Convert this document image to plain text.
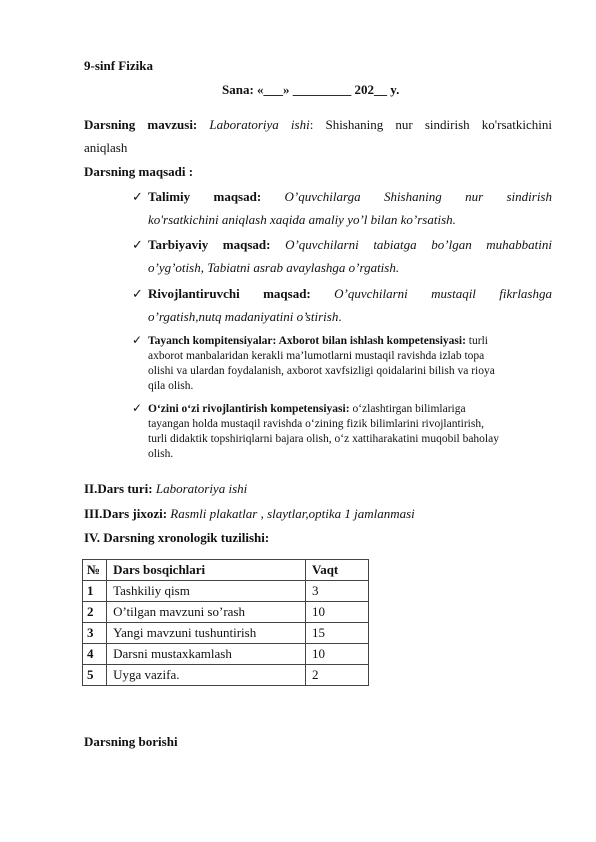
9-sinf Fizika
Sana: «___» _________ 202__ y.
Darsning mavzusi: Laboratoriya ishi: Shishaning nur sindirish ko'rsatkichini
aniqlash
Darsning maqsadi :
✓ Talimiy maqsad: O’quvchilarga Shishaning nur sindirish
ko'rsatkichini aniqlash xaqida amaliy yo’l bilan ko’rsatish.
✓ Tarbiyaviy maqsad: O’quvchilarni tabiatga bo’lgan muhabbatini
o’yg’otish, Tabiatni asrab avaylashga o’rgatish.
✓ Rivojlantiruvchi maqsad: O’quvchilarni mustaqil fikrlashga
o’rgatish,nutq madaniyatini o’stirish.
✓ Tayanch kompitensiyalar: Axborot bilan ishlash kompetensiyasi: turli
axborot manbalaridan kerakli ma’lumotlarni mustaqil ravishda izlab topa
olishi va ulardan foydalanish, axborot xavfsizligi qoidalarini bilish va rioya
qila olish.
✓ O‘zini o‘zi rivojlantirish kompetensiyasi: o‘zlashtirgan bilimlariga
tayangan holda mustaqil ravishda o‘zining fizik bilimlarini rivojlantirish,
turli didaktik topshiriqlarni bajara olish, o‘z xattiharakatini muqobil baholay
olish.
II.Dars turi: Laboratoriya ishi
III.Dars jixozi: Rasmli plakatlar , slaytlar,optika 1 jamlanmasi
IV. Darsning xronologik tuzilishi:
№	Dars bosqichlari	Vaqt
1	Tashkiliy qism	3
2	O’tilgan mavzuni so’rash	10
3	Yangi mavzuni tushuntirish	15
4	Darsni mustaxkamlash	10
5	Uyga vazifa.	2
Darsning borishi
